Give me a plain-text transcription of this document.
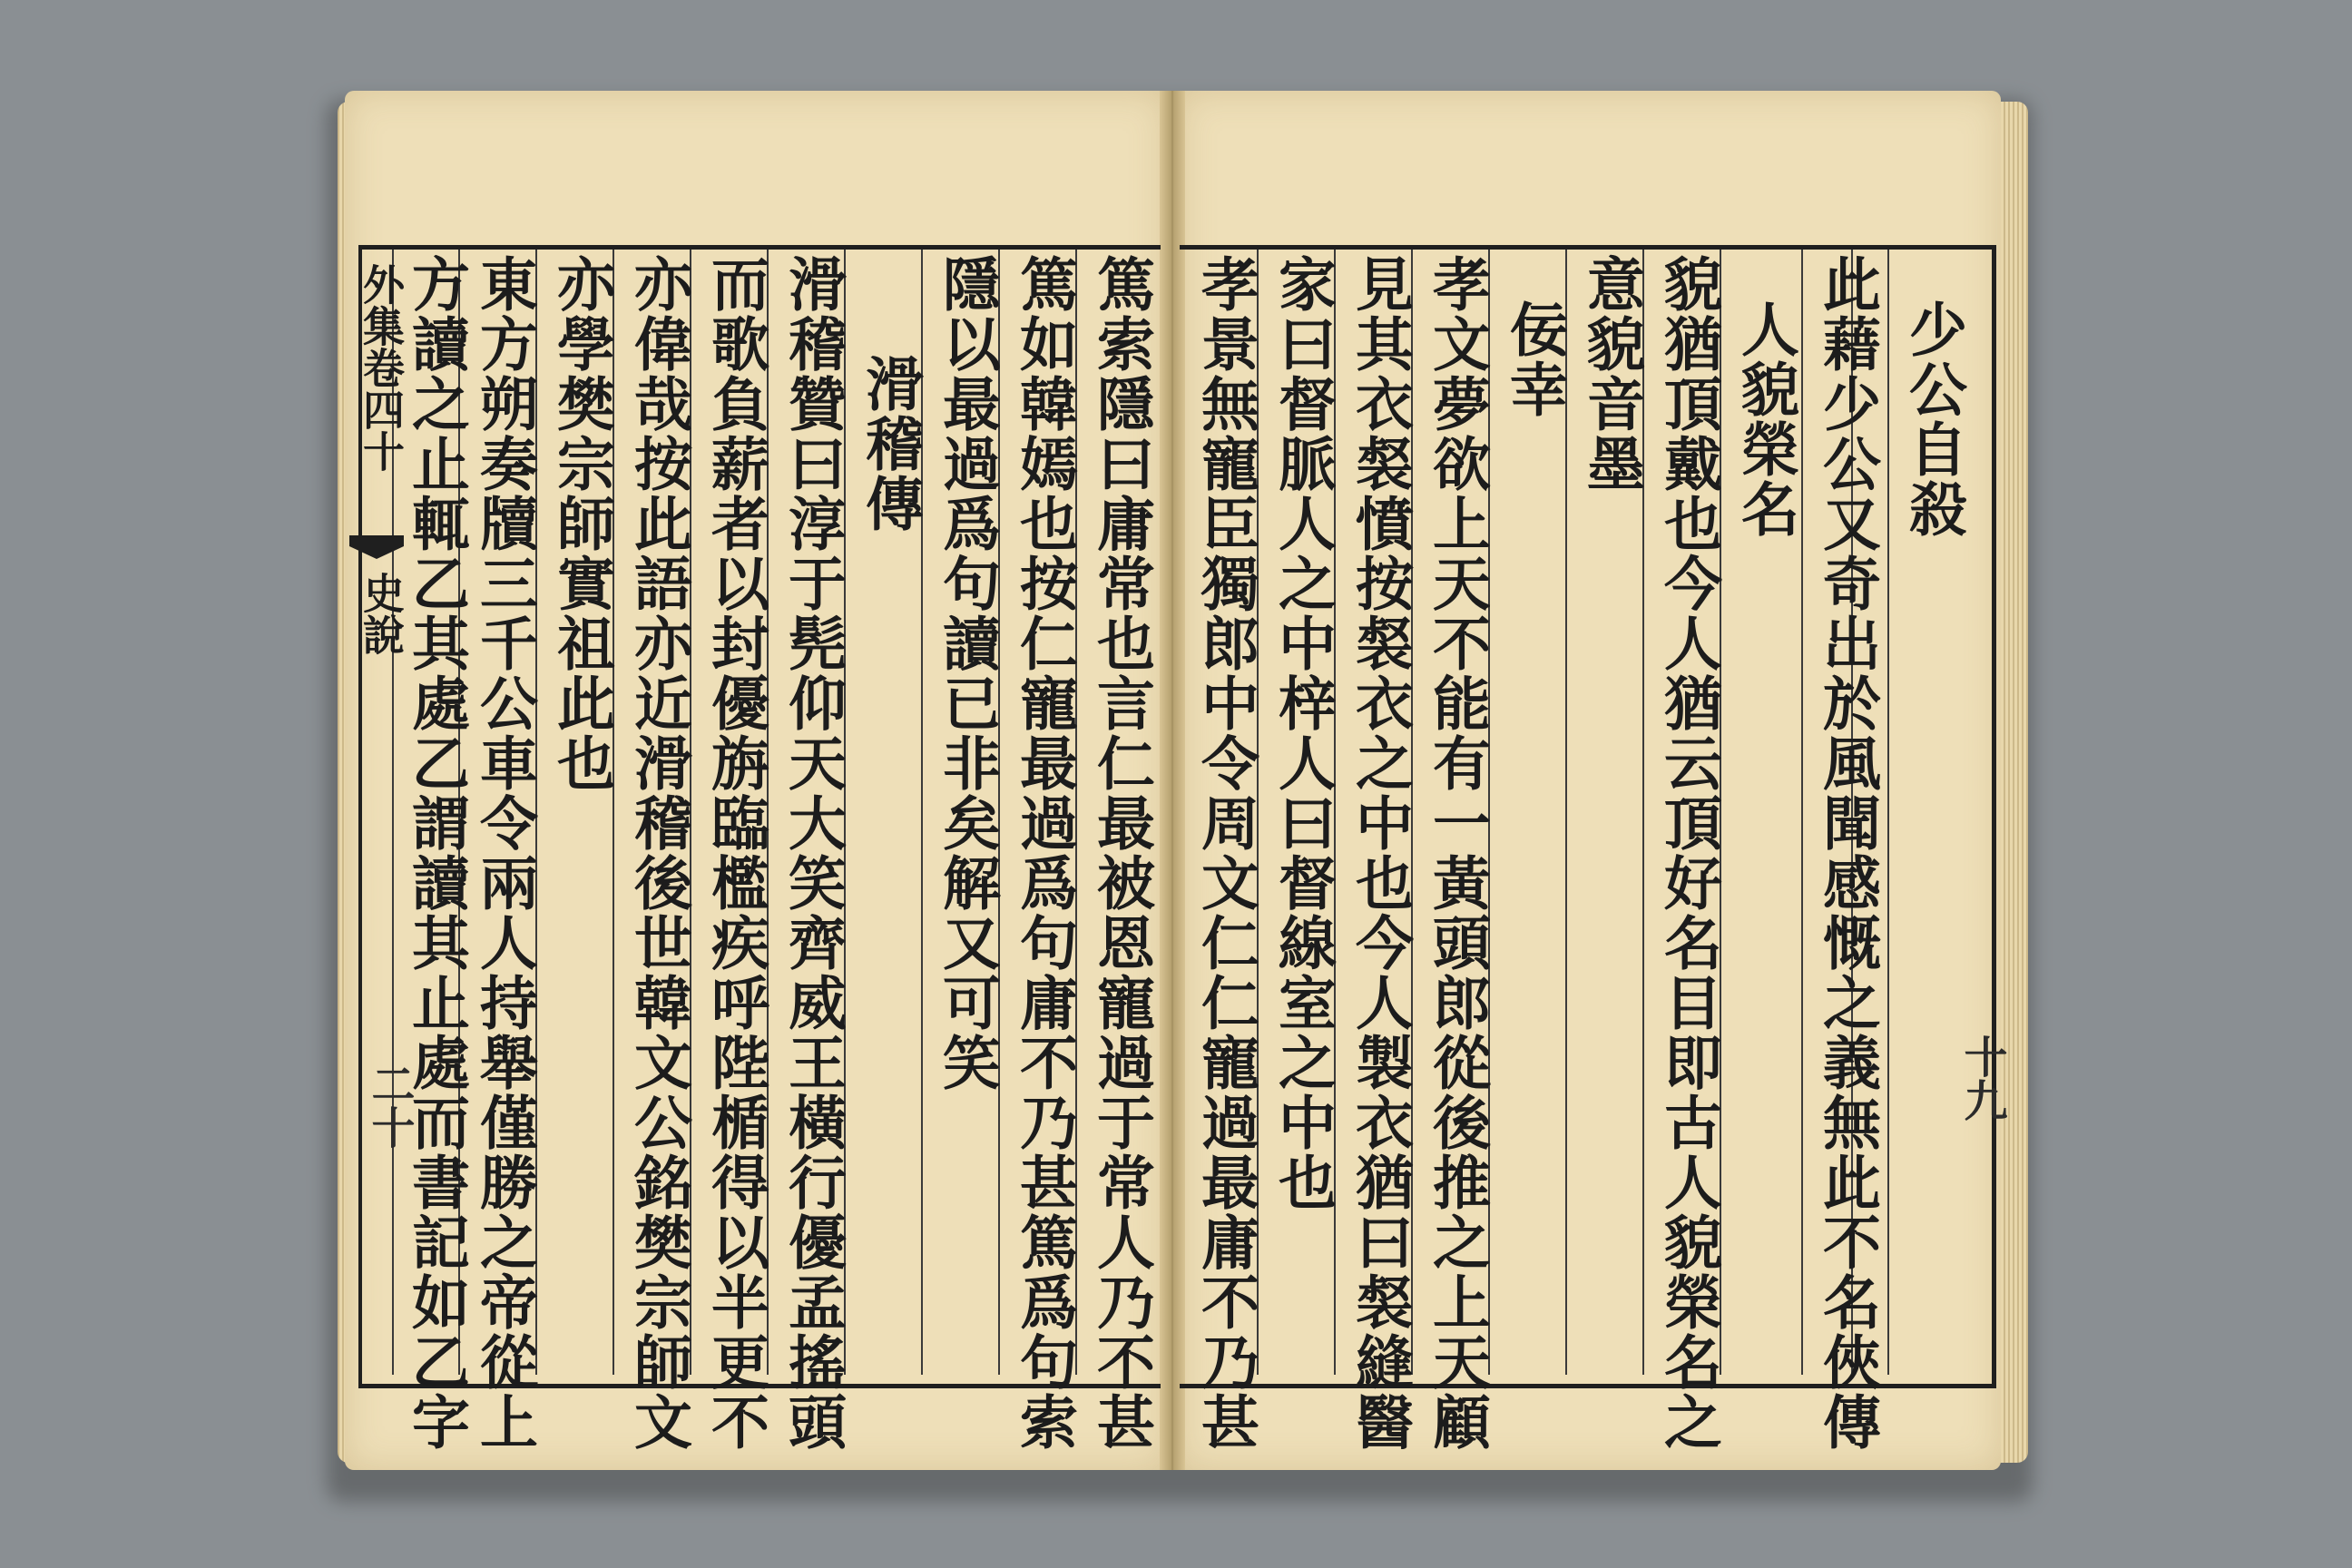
少公自殺
此藉少公又奇出於風聞感慨之義無此不名俠傳
人貌榮名
貌猶頂戴也今人猶云頂好名目即古人貌榮名之
意貌音墨
佞幸
孝文夢欲上天不能有一黃頭郎從後推之上天顧
見其衣裻憤按裻衣之中也今人製衣猶曰裻縫醫
家曰督脈人之中梓人曰督線室之中也
孝景無寵臣獨郎中令周文仁仁寵過最庸不乃甚	十九
篤索隱曰庸常也言仁最被恩寵過于常人乃不甚
篤如韓嫣也按仁寵最過爲句庸不乃甚篤爲句索
隱以最過爲句讀已非矣解又可笑
滑稽傳
滑稽贊曰淳于髡仰天大笑齊威王橫行優孟搖頭
而歌負薪者以封優旃臨檻疾呼陛楯得以半更不
亦偉哉按此語亦近滑稽後世韓文公銘樊宗師文
亦學樊宗師實祖此也
東方朔奏牘三千公車令兩人持舉僅勝之帝從上
方讀之止輒乙其處乙謂讀其止處而書記如乙字
外集卷四十
史說
二十
